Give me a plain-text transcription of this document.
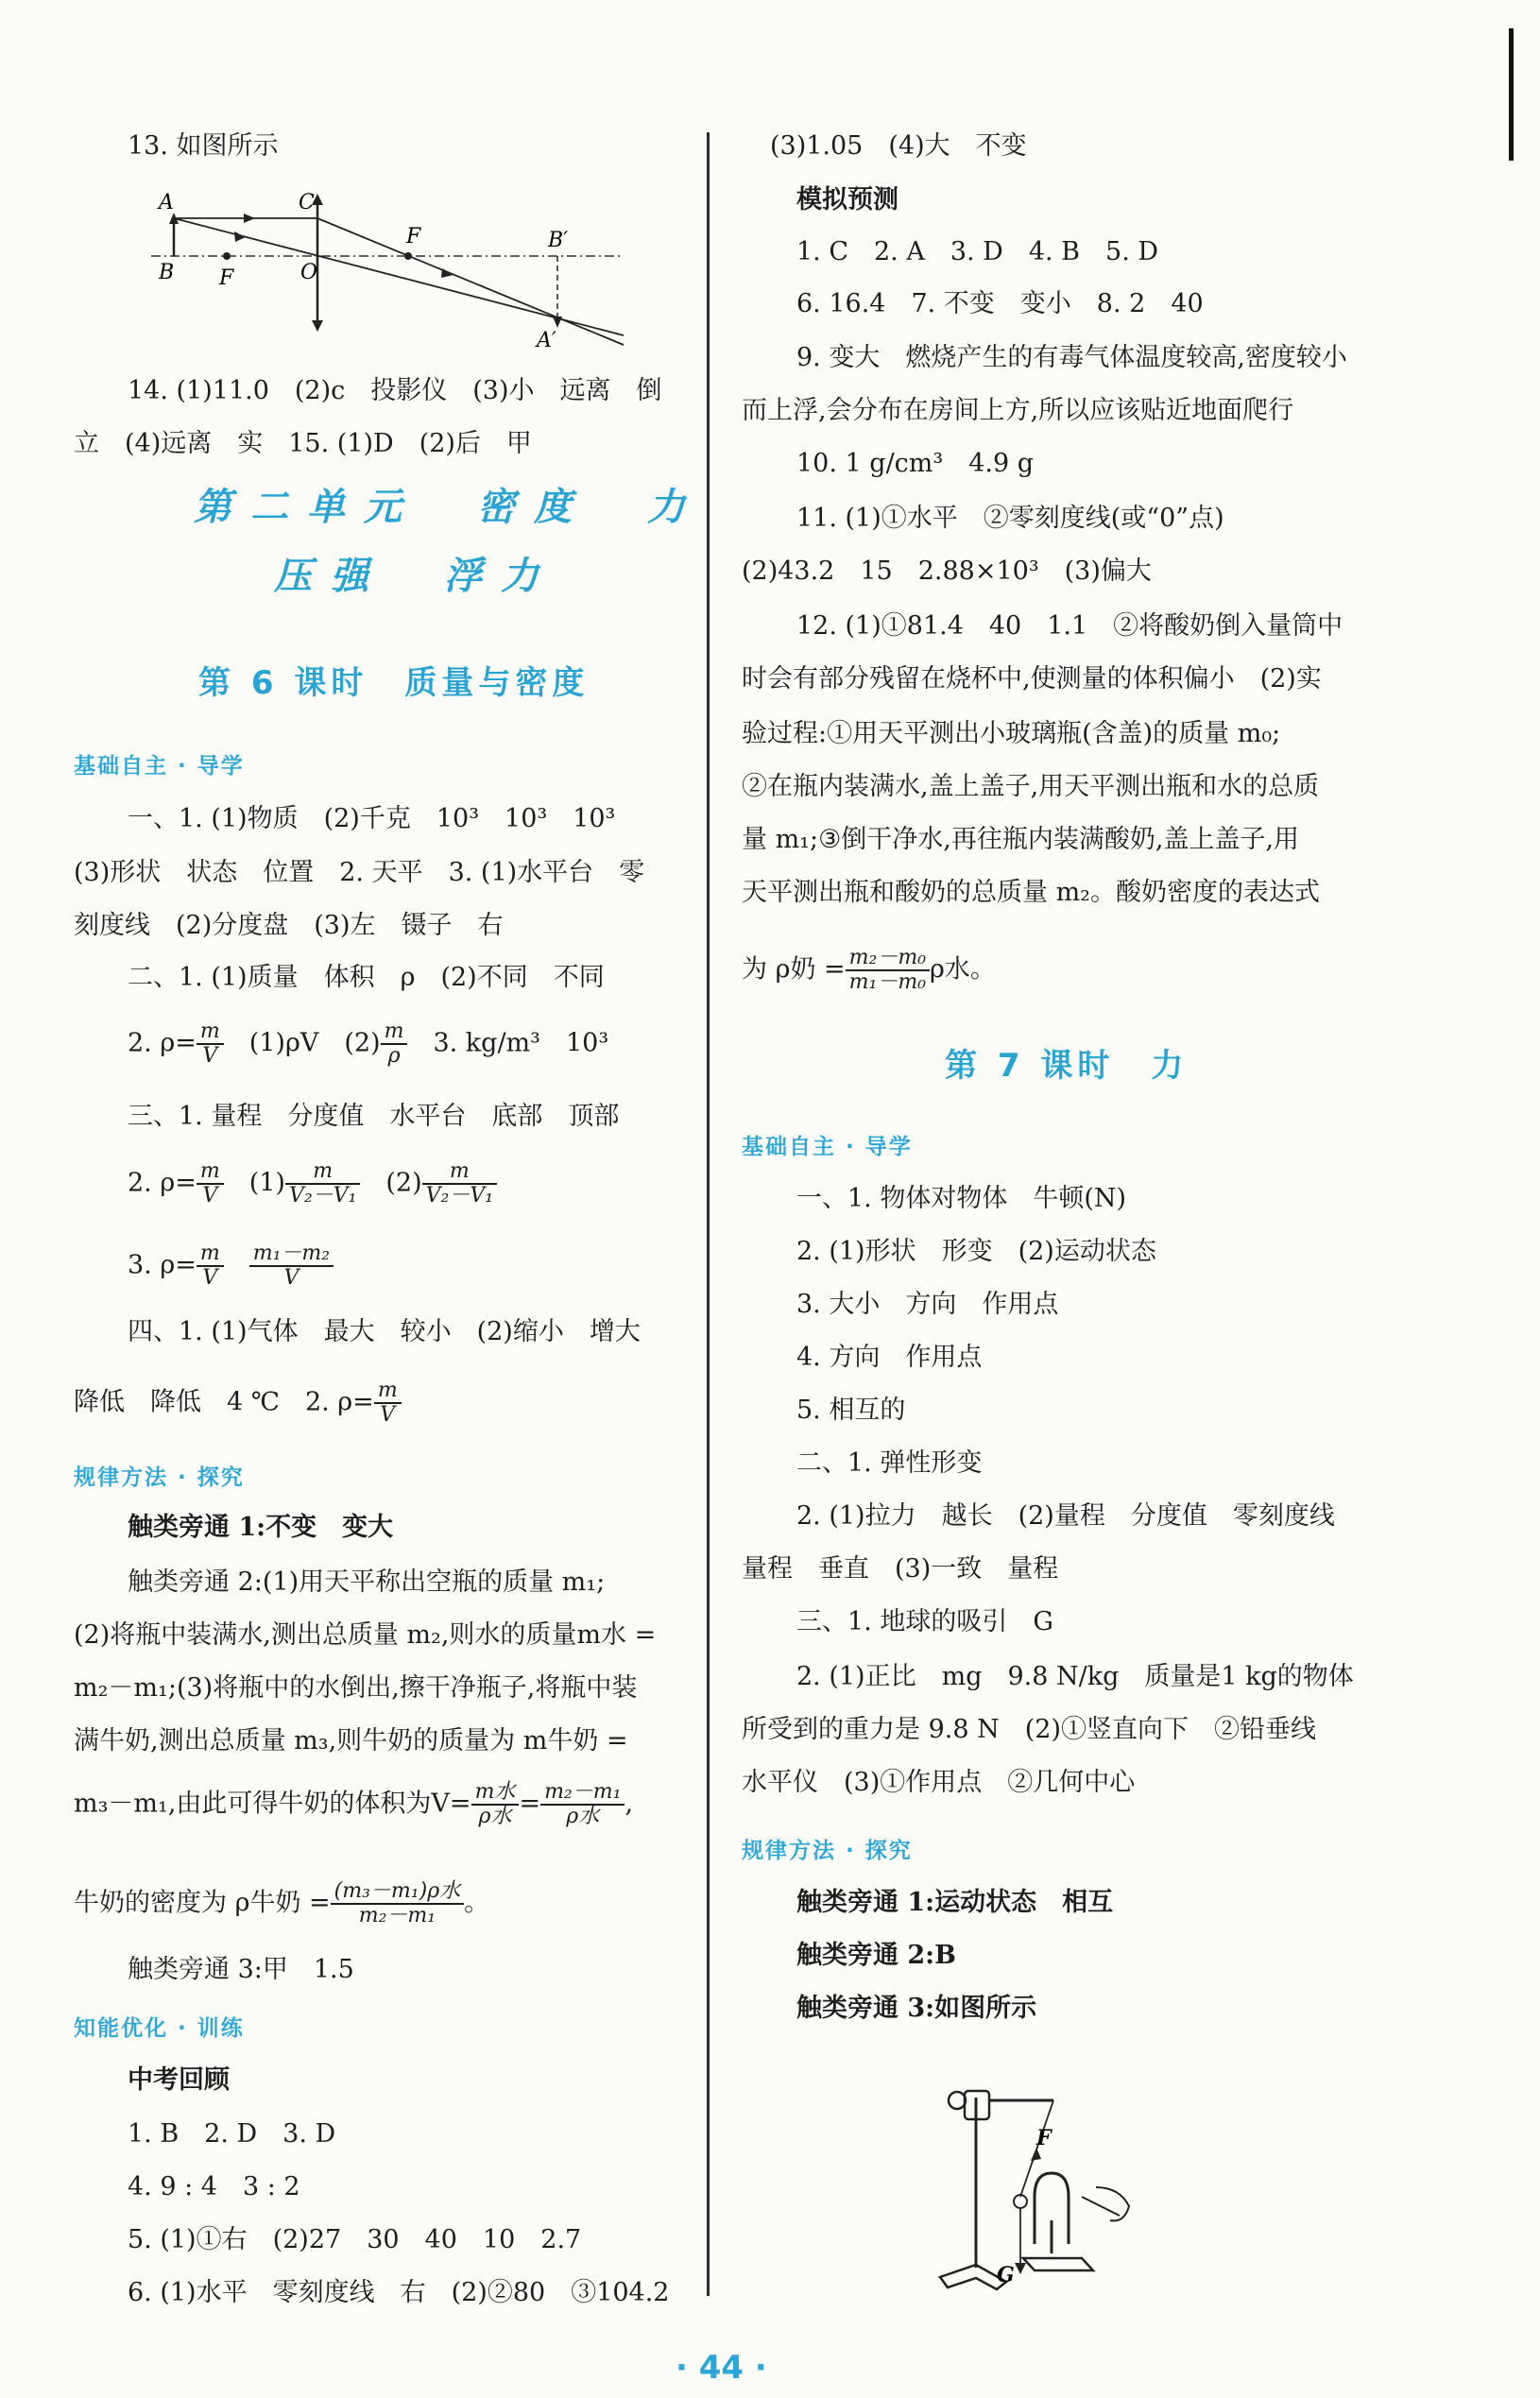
13. 如图所示
A
B F
C
O
F	B′
A′
14. (1)11.0　(2)c　投影仪　(3)小　远离　倒
立　(4)远离　实　15. (1)D　(2)后　甲
第二单元　密度　力
压强　浮力
第 6 课时　质量与密度
基础自主 · 导学
一、1. (1)物质　(2)千克　10³　10³　10³
(3)形状　状态　位置　2. 天平　3. (1)水平台　零
刻度线　(2)分度盘　(3)左　镊子　右
二、1. (1)质量　体积　ρ　(2)不同　不同
2. $\rho= \frac{m}{V}$ 　(1)ρV　$(2) \frac{m}{\rho}$ 　3. kg/m³　10³
三、1. 量程　分度值　水平台　底部　顶部
2. $\rho= \frac{m}{V}$ 　$(1) \frac{m}{\text{V₂－V₁}}$ 　$(2) \frac{m}{\text{V₂－V₁}}$
3. $\rho= \frac{m}{V}$
　 $\frac{\text{m₁－m₂}}{V}$
四、1. (1)气体　最大　较小　(2)缩小　增大
降低　降低　4 ℃　2. $\rho= \frac{m}{V}$
规律方法 · 探究
触类旁通 1:不变　变大
触类旁通 2:(1)用天平称出空瓶的质量 m₁;
(2)将瓶中装满水,测出总质量 m₂,则水的质量m水 =
m₂－m₁;(3)将瓶中的水倒出,擦干净瓶子,将瓶中装
满牛奶,测出总质量 m₃,则牛奶的质量为 m牛奶 =
m₃－m₁,由此可得牛奶的体积为$V= \frac{\text{m水}}{\text{ρ水}} = \frac{\text{m₂－m₁}}{\text{ρ水}}$ ,
牛奶的密度为 ρ牛奶 = $\frac{\text{(m₃－m₁)ρ水}}{\text{m₂－m₁}}$ 。
触类旁通 3:甲　1.5
知能优化 · 训练
中考回顾
1. B　2. D　3. D
4. 9 : 4　3 : 2
5. (1)①右　(2)27　30　40　10　2.7
6. (1)水平　零刻度线　右　(2)②80　③104.2
(3)1.05　(4)大　不变
模拟预测
1. C　2. A　3. D　4. B　5. D
6. 16.4　7. 不变　变小　8. 2　40
9. 变大　燃烧产生的有毒气体温度较高,密度较小
而上浮,会分布在房间上方,所以应该贴近地面爬行
10. 1 g/cm³　4.9 g
11. (1)①水平　②零刻度线(或“0”点)
(2)43.2　15　2.88×10³　(3)偏大
12. (1)①81.4　40　1.1　②将酸奶倒入量筒中
时会有部分残留在烧杯中,使测量的体积偏小　(2)实
验过程:①用天平测出小玻璃瓶(含盖)的质量 m₀;
②在瓶内装满水,盖上盖子,用天平测出瓶和水的总质
量 m₁;③倒干净水,再往瓶内装满酸奶,盖上盖子,用
天平测出瓶和酸奶的总质量 m₂。酸奶密度的表达式
为 ρ奶 = $\frac{\text{m₂－m₀}}{\text{m₁－m₀}}$ ρ水。
第 7 课时　力
基础自主 · 导学
一、1. 物体对物体　牛顿(N)
2. (1)形状　形变　(2)运动状态
3. 大小　方向　作用点
4. 方向　作用点
5. 相互的
二、1. 弹性形变
2. (1)拉力　越长　(2)量程　分度值　零刻度线
量程　垂直　(3)一致　量程
三、1. 地球的吸引　G
2. (1)正比　mg　9.8 N/kg　质量是1 kg的物体
所受到的重力是 9.8 N　(2)①竖直向下　②铅垂线
水平仪　(3)①作用点　②几何中心
规律方法 · 探究
触类旁通 1:运动状态　相互
触类旁通 2:B
触类旁通 3:如图所示
F
G
· 44 ·
